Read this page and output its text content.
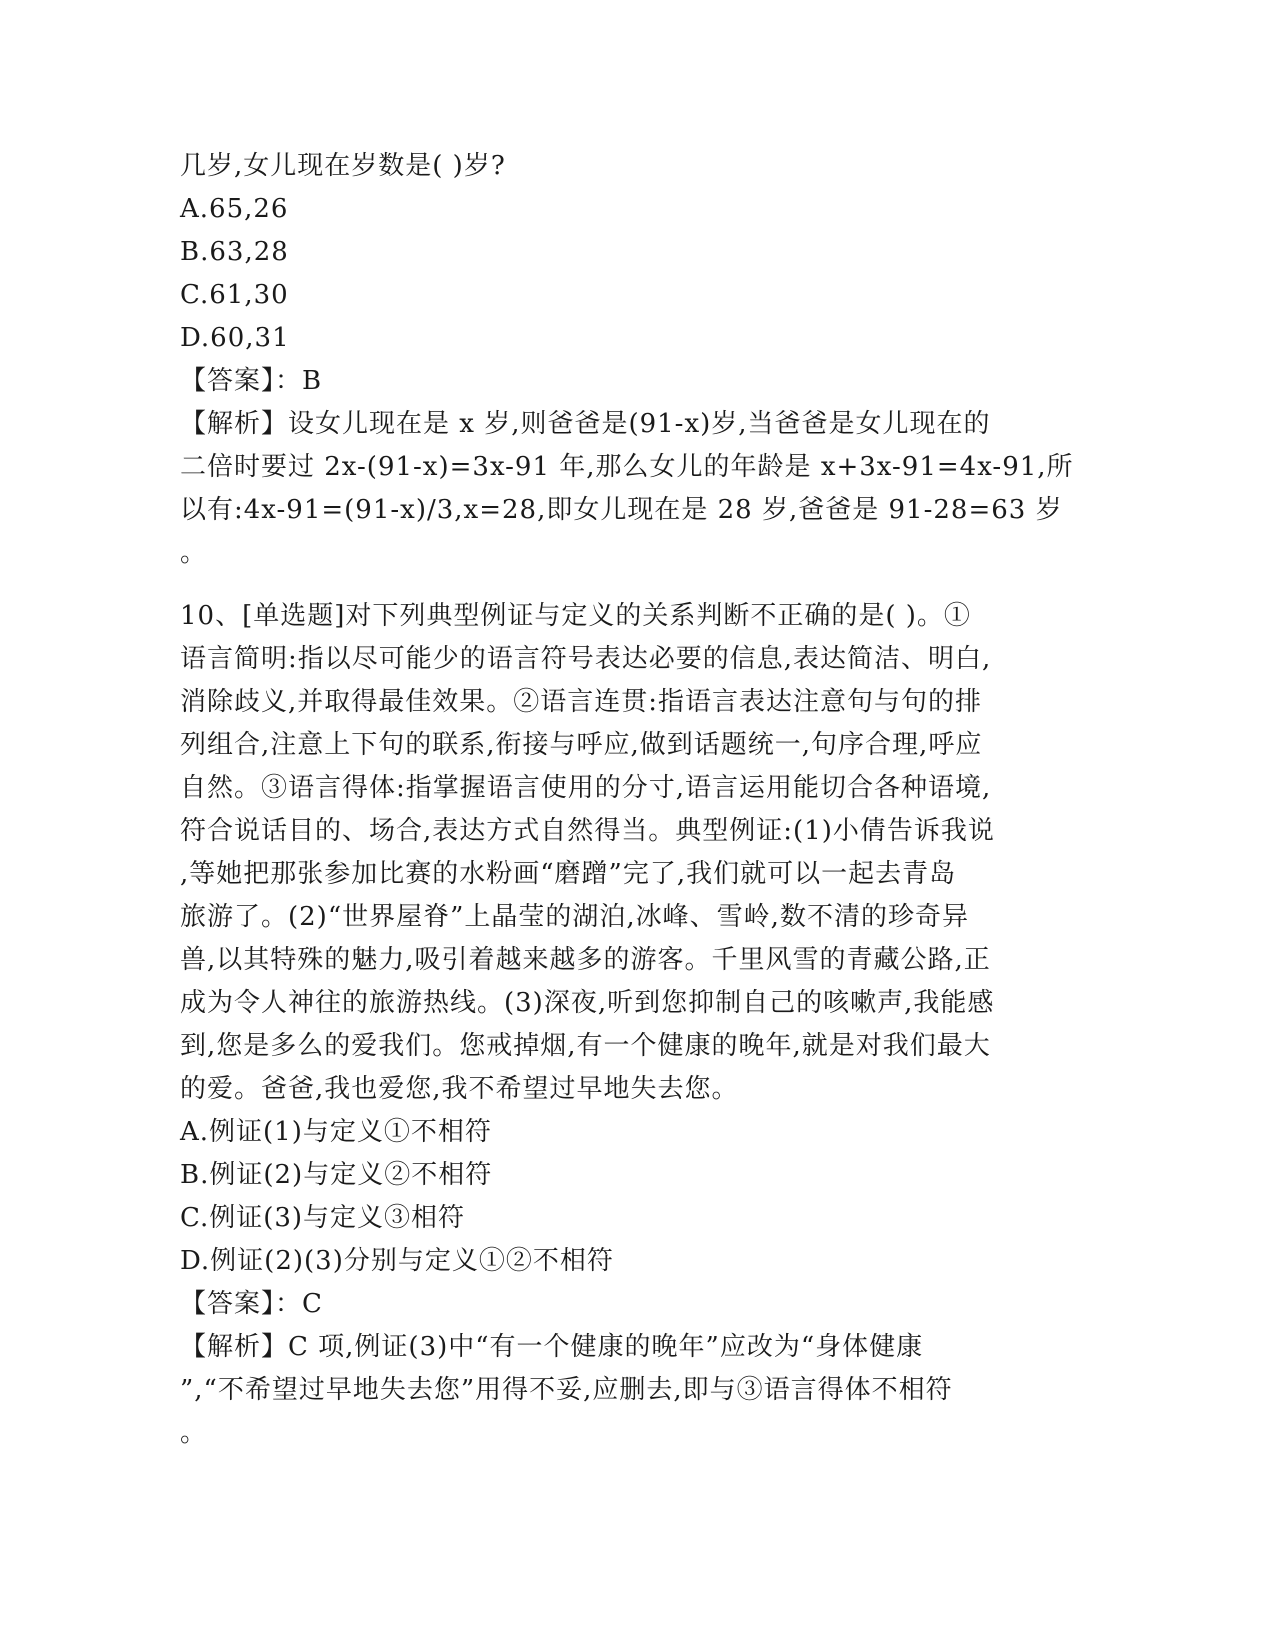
几岁,女儿现在岁数是( )岁?
A.65,26
B.63,28
C.61,30
D.60,31
【答案】：B
【解析】设女儿现在是 x 岁,则爸爸是(91-x)岁,当爸爸是女儿现在的
二倍时要过 2x-(91-x)=3x-91 年,那么女儿的年龄是 x+3x-91=4x-91,所
以有:4x-91=(91-x)/3,x=28,即女儿现在是 28 岁,爸爸是 91-28=63 岁
。
10、[单选题]对下列典型例证与定义的关系判断不正确的是( )。①
语言简明:指以尽可能少的语言符号表达必要的信息,表达简洁、明白,
消除歧义,并取得最佳效果。②语言连贯:指语言表达注意句与句的排
列组合,注意上下句的联系,衔接与呼应,做到话题统一,句序合理,呼应
自然。③语言得体:指掌握语言使用的分寸,语言运用能切合各种语境,
符合说话目的、场合,表达方式自然得当。典型例证:(1)小倩告诉我说
,等她把那张参加比赛的水粉画“磨蹭”完了,我们就可以一起去青岛
旅游了。(2)“世界屋脊”上晶莹的湖泊,冰峰、雪岭,数不清的珍奇异
兽,以其特殊的魅力,吸引着越来越多的游客。千里风雪的青藏公路,正
成为令人神往的旅游热线。(3)深夜,听到您抑制自己的咳嗽声,我能感
到,您是多么的爱我们。您戒掉烟,有一个健康的晚年,就是对我们最大
的爱。爸爸,我也爱您,我不希望过早地失去您。
A.例证(1)与定义①不相符
B.例证(2)与定义②不相符
C.例证(3)与定义③相符
D.例证(2)(3)分别与定义①②不相符
【答案】：C
【解析】C 项,例证(3)中“有一个健康的晚年”应改为“身体健康
”,“不希望过早地失去您”用得不妥,应删去,即与③语言得体不相符
。
